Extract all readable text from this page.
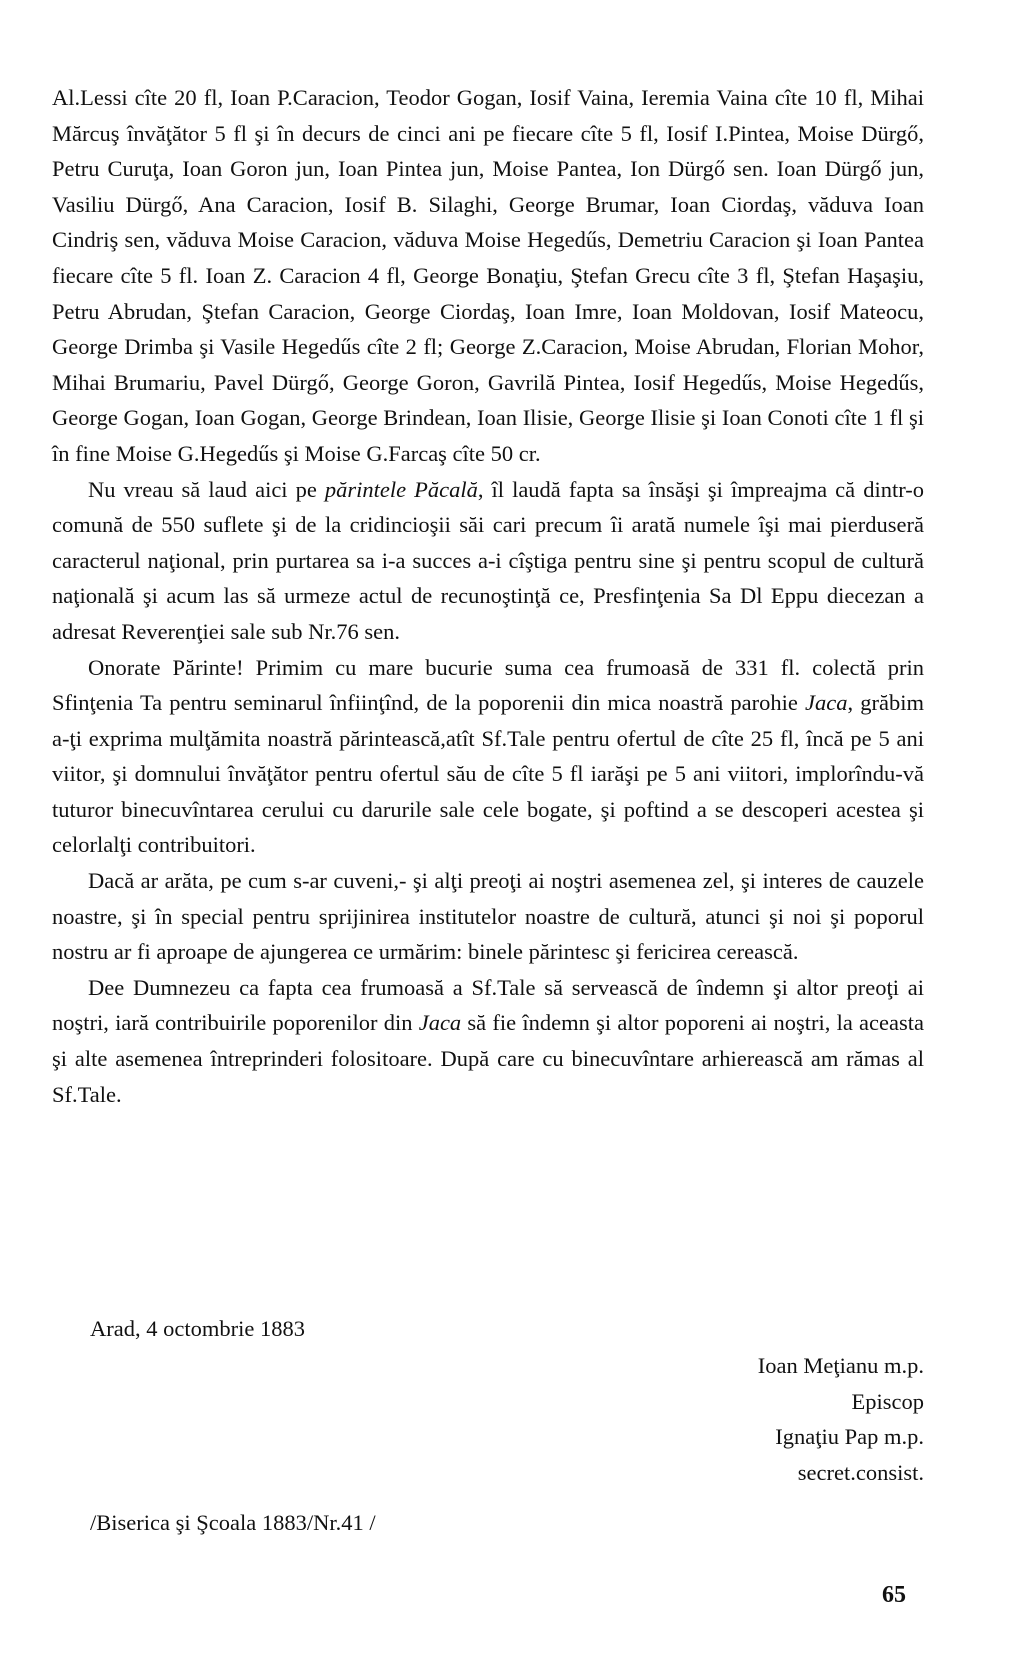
Al.Lessi cîte 20 fl, Ioan P.Caracion, Teodor Gogan, Iosif Vaina, Ieremia Vaina cîte 10 fl, Mihai Mărcuş învăţător 5 fl şi în decurs de cinci ani pe fiecare cîte 5 fl, Iosif I.Pintea, Moise Dürgő, Petru Curuţa, Ioan Goron jun, Ioan Pintea jun, Moise Pantea, Ion Dürgő sen. Ioan Dürgő jun, Vasiliu Dürgő, Ana Caracion, Iosif B. Silaghi, George Brumar, Ioan Ciordaş, văduva Ioan Cindriş sen, văduva Moise Caracion, văduva Moise Hegedűs, Demetriu Caracion şi Ioan Pantea fiecare cîte 5 fl. Ioan Z. Caracion 4 fl, George Bonaţiu, Ştefan Grecu cîte 3 fl, Ştefan Haşaşiu, Petru Abrudan, Ştefan Caracion, George Ciordaş, Ioan Imre, Ioan Moldovan, Iosif Mateocu, George Drimba şi Vasile Hegedűs cîte 2 fl; George Z.Caracion, Moise Abrudan, Florian Mohor, Mihai Brumariu, Pavel Dürgő, George Goron, Gavrilă Pintea, Iosif Hegedűs, Moise Hegedűs, George Gogan, Ioan Gogan, George Brindean, Ioan Ilisie, George Ilisie şi Ioan Conoti cîte 1 fl şi în fine Moise G.Hegedűs şi Moise G.Farcaş cîte 50 cr.

Nu vreau să laud aici pe părintele Păcală, îl laudă fapta sa însăşi şi împreajma că dintr-o comună de 550 suflete şi de la cridincioşii săi cari precum îi arată numele îşi mai pierduseră caracterul naţional, prin purtarea sa i-a succes a-i cîştiga pentru sine şi pentru scopul de cultură naţională şi acum las să urmeze actul de recunoştinţă ce, Presfinţenia Sa Dl Eppu diecezan a adresat Reverenţiei sale sub Nr.76 sen.

Onorate Părinte! Primim cu mare bucurie suma cea frumoasă de 331 fl. colectă prin Sfinţenia Ta pentru seminarul înfiinţînd, de la poporenii din mica noastră parohie Jaca, grăbim a-ţi exprima mulţămita noastră părintească,atît Sf.Tale pentru ofertul de cîte 25 fl, încă pe 5 ani viitor, şi domnului învăţător pentru ofertul său de cîte 5 fl iarăşi pe 5 ani viitori, implorîndu-vă tuturor binecuvîntarea cerului cu darurile sale cele bogate, şi poftind a se descoperi acestea şi celorlalţi contribuitori.

Dacă ar arăta, pe cum s-ar cuveni,- şi alţi preoţi ai noştri asemenea zel, şi interes de cauzele noastre, şi în special pentru sprijinirea institutelor noastre de cultură, atunci şi noi şi poporul nostru ar fi aproape de ajungerea ce urmărim: binele părintesc şi fericirea cerească.

Dee Dumnezeu ca fapta cea frumoasă a Sf.Tale să servească de îndemn şi altor preoţi ai noştri, iară contribuirile poporenilor din Jaca să fie îndemn şi altor poporeni ai noştri, la aceasta şi alte asemenea întreprinderi folositoare. După care cu binecuvîntare arhierească am rămas al Sf.Tale.

Arad, 4 octombrie 1883
Ioan Meţianu m.p.
Episcop
Ignaţiu Pap m.p.
secret.consist.
/Biserica şi Şcoala 1883/Nr.41 /
65
